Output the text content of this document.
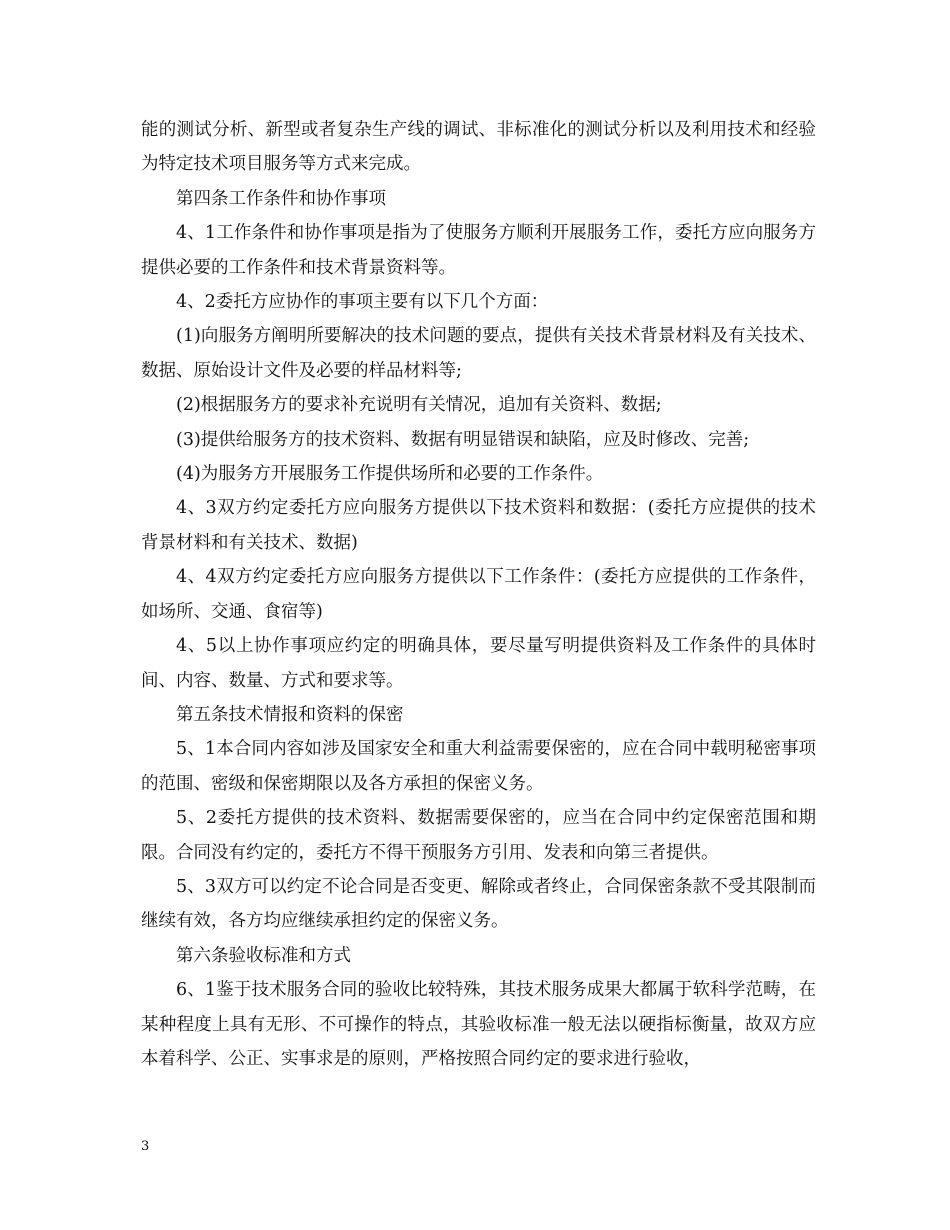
能的测试分析、新型或者复杂生产线的调试、非标准化的测试分析以及利用技术和经验为特定技术项目服务等方式来完成。

第四条工作条件和协作事项

4、1工作条件和协作事项是指为了使服务方顺利开展服务工作，委托方应向服务方提供必要的工作条件和技术背景资料等。

4、2委托方应协作的事项主要有以下几个方面：

(1)向服务方阐明所要解决的技术问题的要点，提供有关技术背景材料及有关技术、数据、原始设计文件及必要的样品材料等;

(2)根据服务方的要求补充说明有关情况，追加有关资料、数据;

(3)提供给服务方的技术资料、数据有明显错误和缺陷，应及时修改、完善;

(4)为服务方开展服务工作提供场所和必要的工作条件。

4、3双方约定委托方应向服务方提供以下技术资料和数据：(委托方应提供的技术背景材料和有关技术、数据)

4、4双方约定委托方应向服务方提供以下工作条件：(委托方应提供的工作条件，如场所、交通、食宿等)

4、5以上协作事项应约定的明确具体，要尽量写明提供资料及工作条件的具体时间、内容、数量、方式和要求等。

第五条技术情报和资料的保密

5、1本合同内容如涉及国家安全和重大利益需要保密的，应在合同中载明秘密事项的范围、密级和保密期限以及各方承担的保密义务。

5、2委托方提供的技术资料、数据需要保密的，应当在合同中约定保密范围和期限。合同没有约定的，委托方不得干预服务方引用、发表和向第三者提供。

5、3双方可以约定不论合同是否变更、解除或者终止，合同保密条款不受其限制而继续有效，各方均应继续承担约定的保密义务。

第六条验收标准和方式

6、1鉴于技术服务合同的验收比较特殊，其技术服务成果大都属于软科学范畴，在某种程度上具有无形、不可操作的特点，其验收标准一般无法以硬指标衡量，故双方应本着科学、公正、实事求是的原则，严格按照合同约定的要求进行验收，

3
